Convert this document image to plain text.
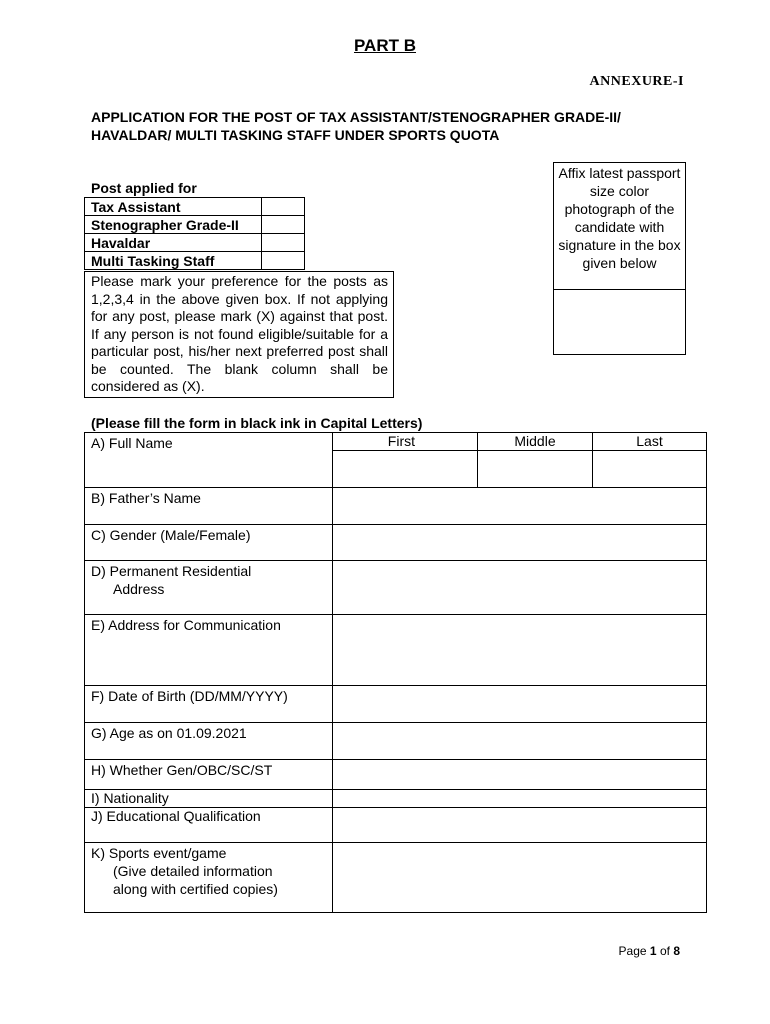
PART B
ANNEXURE-I
APPLICATION FOR THE POST OF TAX ASSISTANT/STENOGRAPHER GRADE-II/ HAVALDAR/ MULTI TASKING STAFF UNDER SPORTS QUOTA
Affix latest passport size color photograph of the candidate with signature in the box given below
Post applied for
Tax Assistant	
Stenographer Grade-II	
Havaldar	
Multi Tasking Staff	
Please mark your preference for the posts as 1,2,3,4 in the above given box. If not applying for any post, please mark (X) against that post. If any person is not found eligible/suitable for a particular post, his/her next preferred post shall be counted. The blank column shall be considered as (X).
(Please fill the form in black ink in Capital Letters)
A) Full Name	First	Middle	Last

B) Father’s Name			
C) Gender (Male/Female)			

D) Permanent Residential
Address			

E) Address for Communication			
F) Date of Birth (DD/MM/YYYY)			
G) Age as on 01.09.2021			
H) Whether Gen/OBC/SC/ST			
I) Nationality			
J) Educational Qualification			

K) Sports event/game
(Give detailed information
along with certified copies)			

Page 1 of 8
